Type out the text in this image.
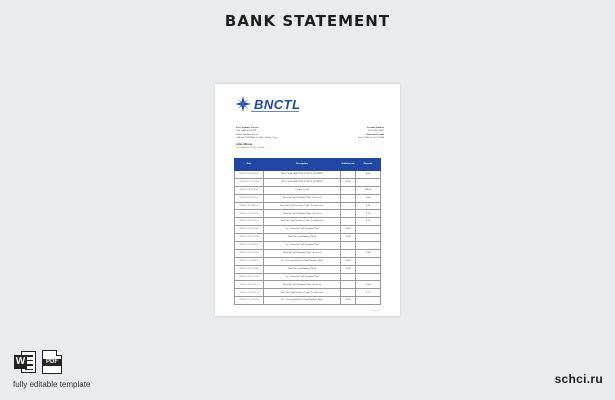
BANK STATEMENT
BNCTL
For Customer Service:
Call 1-800-555-0199
Email info@bnctl.com
Address 1234 Main St, 0000 - Phone - Fax
Account Number
0123-4567-8901
Statement Period
Jan 01 2024 to Jan 31 2024
John Gibson
1234 Main St, Town, Country
Date	Description	Withdrawals	Deposits
2024-01-07 09:46:30	VISA Credit ORIGINAL PAYPAL FUNDING		45.00
2024-01-07 10:12:44	VISA Credit ORIGINAL PAYPAL FUNDING	18.00	
2024-01-08 11:20:05	Cheque Credit		200.00
2024-01-09 08:55:16	Non-Gift Card Purchase Debit - Reversed		12.00
2024-01-10 14:03:27	Non-Gift Card Purchase Credit - Fee Reversed		6.40
2024-01-11 16:42:51	Non-Gift Card Purchase Debit - Reversed		9.10
2024-01-12 09:18:33	Non-Gift Card Purchase Credit - Fee Reversed		3.25
2024-01-13 12:25:09	Fee - Non-Gift Card Purchase Debit	10.00	
2024-01-14 15:37:48	Non-Gift Card Purchase Debit	22.00	
2024-01-15 10:06:12	Fee - Non-Gift Card Purchase Debit		
2024-01-16 13:52:20	Non-Gift Card Purchase Debit - Reversed		15.00
2024-01-17 08:44:56	Fee - Reversal Non-Gift Card Purchase Debit	10.00	
2024-01-18 17:29:03	Non-Gift Card Purchase Debit	22.00	
2024-01-19 11:11:41	Fee - Non-Gift Card Purchase Debit		
2024-01-20 14:58:27	Non-Gift Card Purchase Debit - Reversed		15.00
2024-01-21 09:33:14	Non-Gift Card Purchase Credit - Fee Reversed		3.25
2024-01-22 16:07:59	Fee - Reversal Non-Gift Card Purchase Debit	10.00	
Page 1/1
W	PDF
fully editable template	schci.ru
